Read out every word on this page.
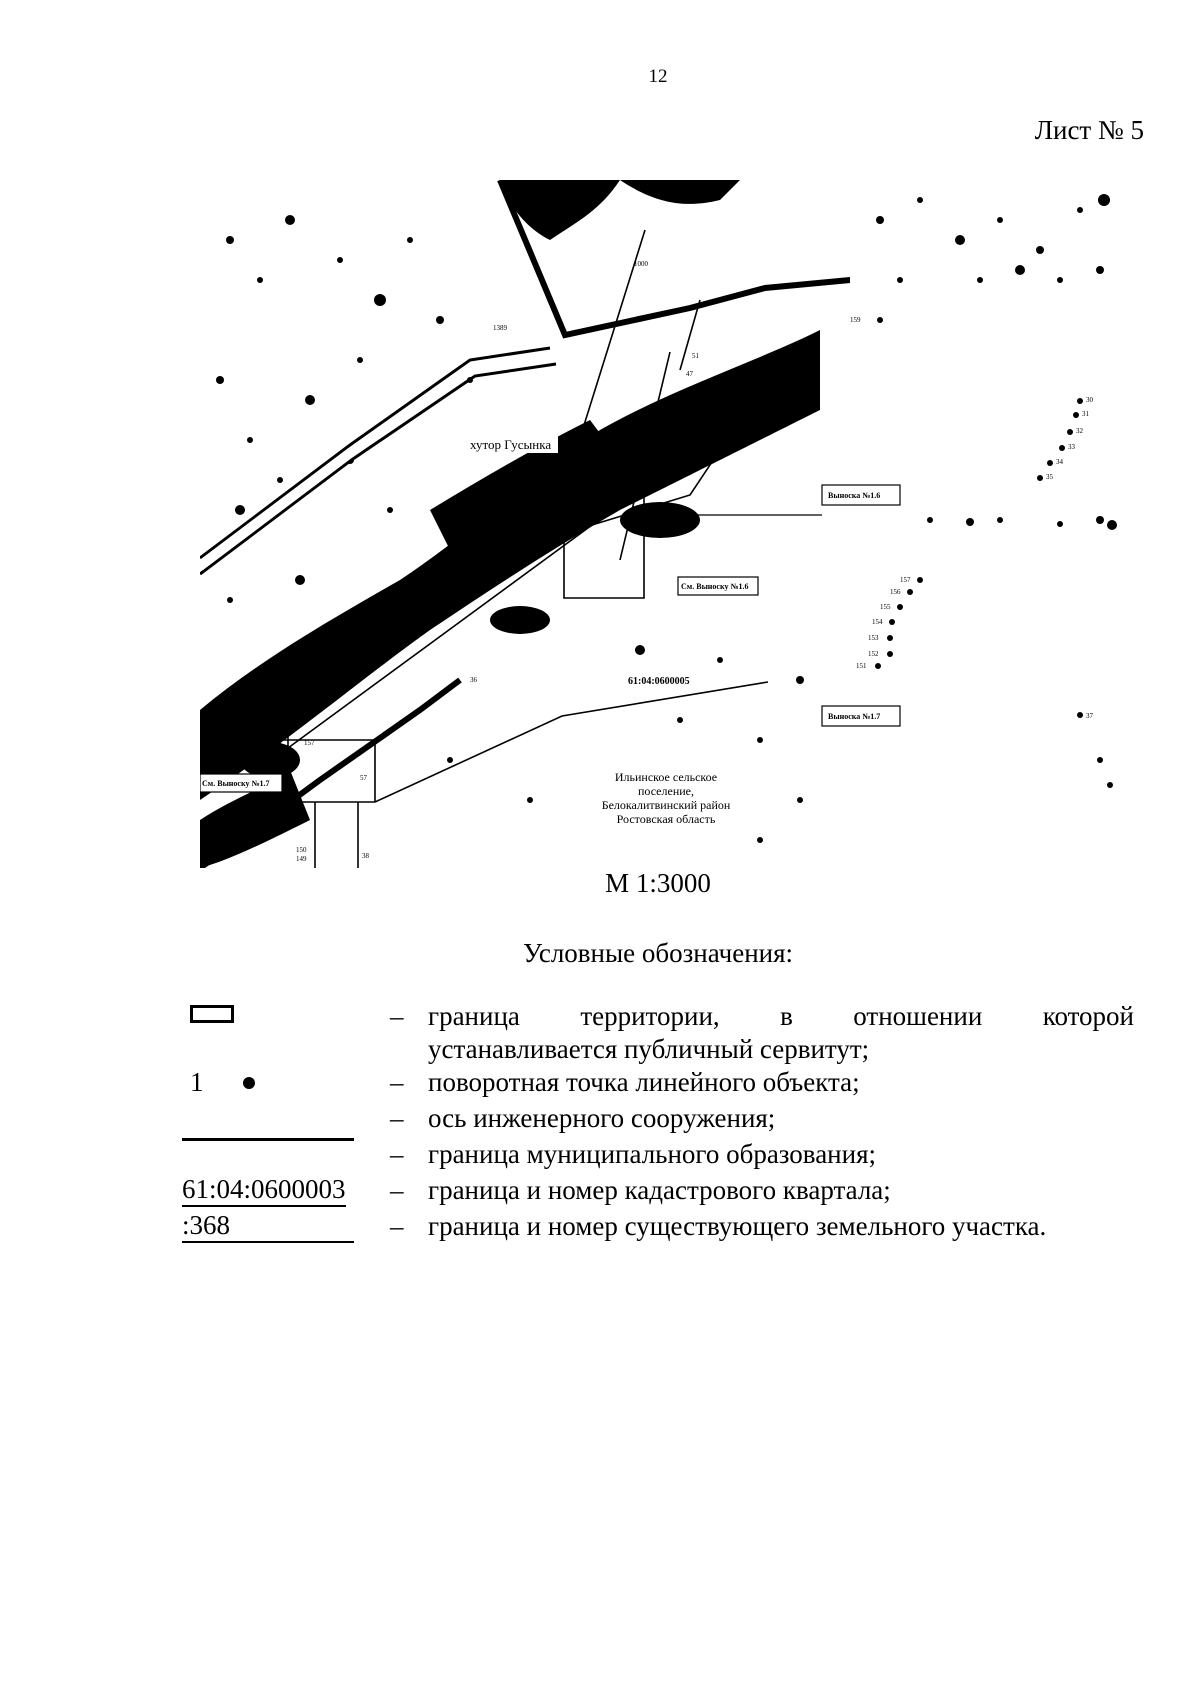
12
Лист № 5
159
30
31
32
33
34
35
157
156
155
154
153
152
151
37
1389
1000
36
157
57
150
149	38
51
47
Выноска №1.6
См. Выноску №1.6
Выноска №1.7
См. Выноску №1.7
хутор Гусынка
61:04:0600005
Ильинское сельское
поселение,
Белокалитвинский район
Ростовская область
М 1:3000
Условные обозначения:
– граница территории, в отношении которой
устанавливается публичный сервитут;
1	– поворотная точка линейного объекта;
– ось инженерного сооружения;
– граница муниципального образования;
61:04:0600003 – граница и номер кадастрового квартала;
:368	– граница и номер существующего земельного участка.
